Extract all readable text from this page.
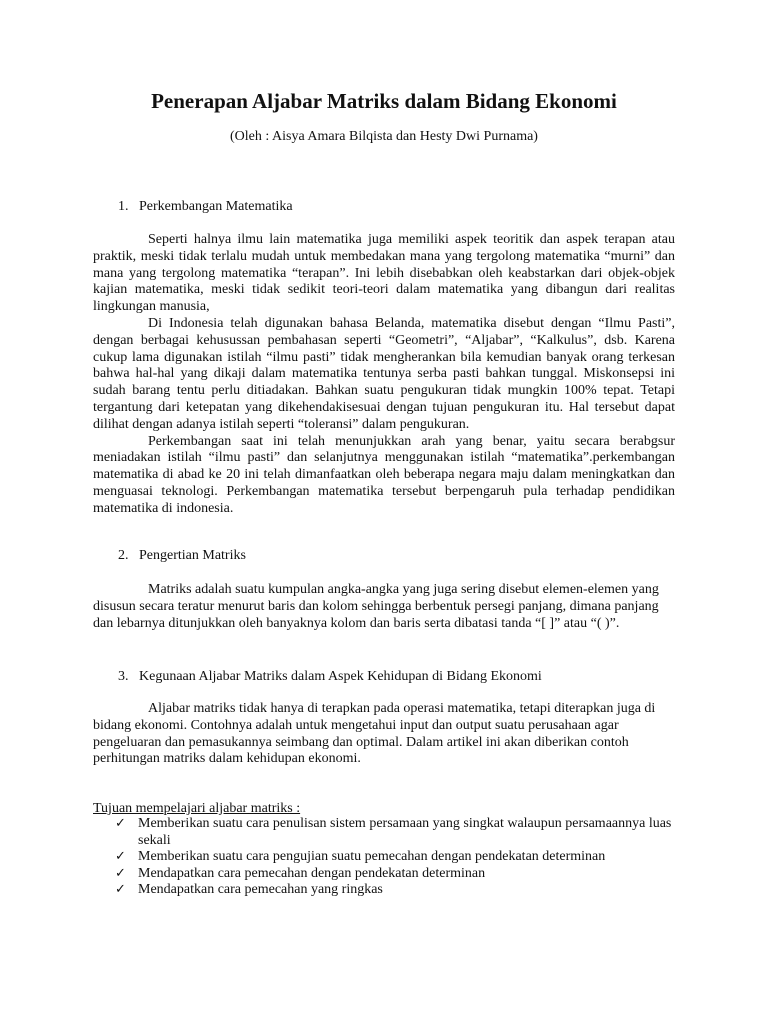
Penerapan Aljabar Matriks dalam Bidang Ekonomi
(Oleh : Aisya Amara Bilqista dan Hesty Dwi Purnama)
1. Perkembangan Matematika

Seperti halnya ilmu lain matematika juga memiliki aspek teoritik dan aspek terapan atau praktik, meski tidak terlalu mudah untuk membedakan mana yang tergolong matematika “murni” dan mana yang tergolong matematika “terapan”. Ini lebih disebabkan oleh keabstarkan dari objek-objek kajian matematika, meski tidak sedikit teori-teori dalam matematika yang dibangun dari realitas lingkungan manusia,

Di Indonesia telah digunakan bahasa Belanda, matematika disebut dengan “Ilmu Pasti”, dengan berbagai kehusussan pembahasan seperti “Geometri”, “Aljabar”, “Kalkulus”, dsb. Karena cukup lama digunakan istilah “ilmu pasti” tidak mengherankan bila kemudian banyak orang terkesan bahwa hal-hal yang dikaji dalam matematika tentunya serba pasti bahkan tunggal. Miskonsepsi ini sudah barang tentu perlu ditiadakan. Bahkan suatu pengukuran tidak mungkin 100% tepat. Tetapi tergantung dari ketepatan yang dikehendakisesuai dengan tujuan pengukuran itu. Hal tersebut dapat dilihat dengan adanya istilah seperti “toleransi” dalam pengukuran.

Perkembangan saat ini telah menunjukkan arah yang benar, yaitu secara berabgsur meniadakan istilah “ilmu pasti” dan selanjutnya menggunakan istilah “matematika”.perkembangan matematika di abad ke 20 ini telah dimanfaatkan oleh beberapa negara maju dalam meningkatkan dan menguasai teknologi. Perkembangan matematika tersebut berpengaruh pula terhadap pendidikan matematika di indonesia.

2. Pengertian Matriks

Matriks adalah suatu kumpulan angka-angka yang juga sering disebut elemen-elemen yang disusun secara teratur menurut baris dan kolom sehingga berbentuk persegi panjang, dimana panjang dan lebarnya ditunjukkan oleh banyaknya kolom dan baris serta dibatasi tanda “[ ]” atau “( )”.

3. Kegunaan Aljabar Matriks dalam Aspek Kehidupan di Bidang Ekonomi

Aljabar matriks tidak hanya di terapkan pada operasi matematika, tetapi diterapkan juga di bidang ekonomi. Contohnya adalah untuk mengetahui input dan output suatu perusahaan agar pengeluaran dan pemasukannya seimbang dan optimal. Dalam artikel ini akan diberikan contoh perhitungan matriks dalam kehidupan ekonomi.

Tujuan mempelajari aljabar matriks :
✓ Memberikan suatu cara penulisan sistem persamaan yang singkat walaupun persamaannya luas sekali
✓ Memberikan suatu cara pengujian suatu pemecahan dengan pendekatan determinan
✓ Mendapatkan cara pemecahan dengan pendekatan determinan
✓ Mendapatkan cara pemecahan yang ringkas
